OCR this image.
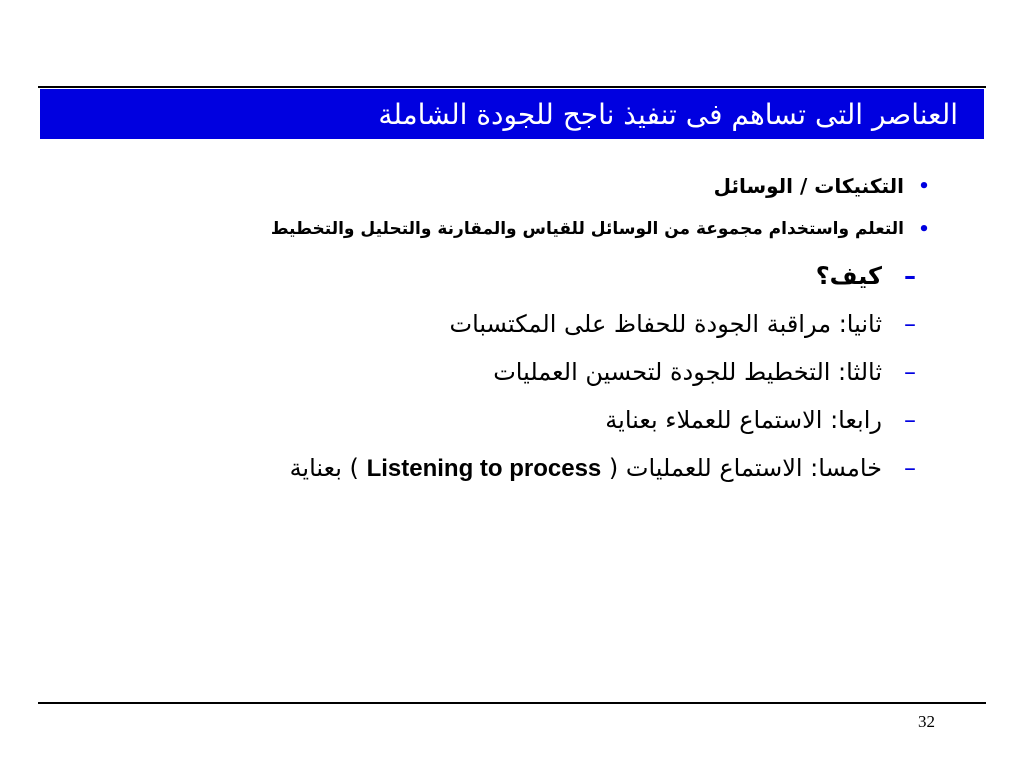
العناصر التى تساهم فى تنفيذ ناجح للجودة الشاملة
•
التكنيكات / الوسائل
•
التعلم واستخدام مجموعة من الوسائل للقياس والمقارنة والتحليل والتخطيط
–
كيف؟
–
ثانيا: مراقبة الجودة للحفاظ على المكتسبات
–
ثالثا: التخطيط للجودة لتحسين العمليات
–
رابعا: الاستماع للعملاء بعناية
–
خامسا: الاستماع للعمليات ( Listening to process ) بعناية
32
